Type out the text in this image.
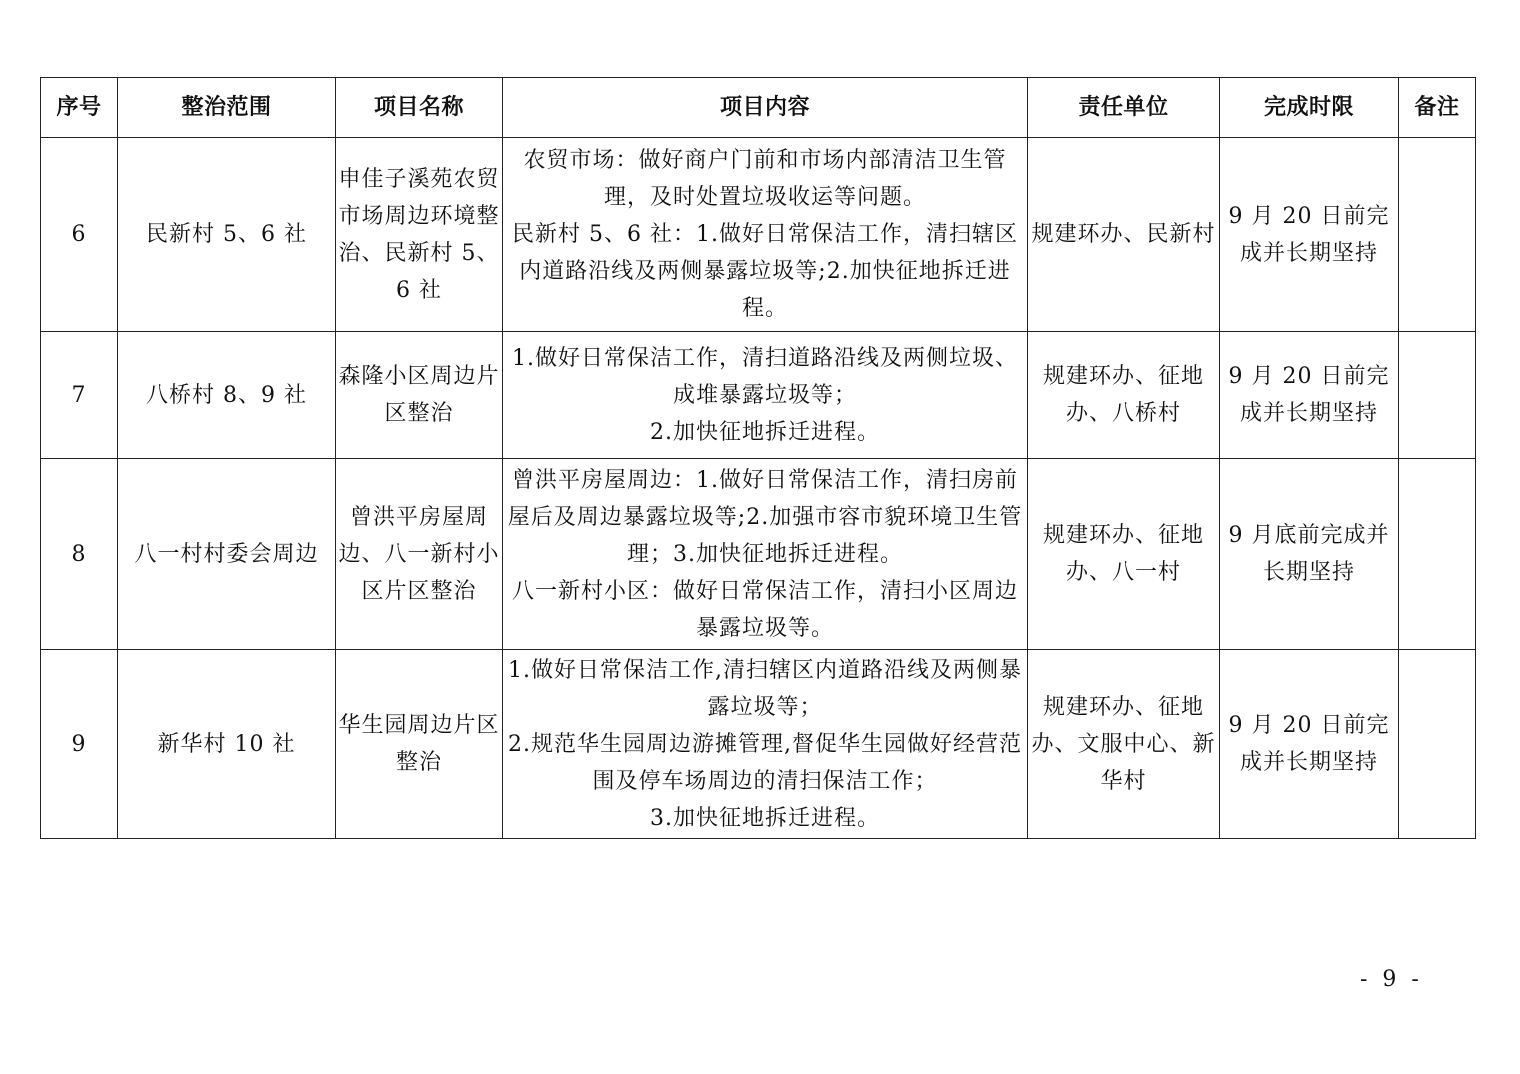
序号	整治范围	项目名称	项目内容	责任单位	完成时限	备注
6	民新村 5、6 社	申佳子溪苑农贸市场周边环境整治、民新村 5、6 社	农贸市场：做好商户门前和市场内部清洁卫生管理，及时处置垃圾收运等问题。
民新村 5、6 社：1.做好日常保洁工作，清扫辖区内道路沿线及两侧暴露垃圾等;2.加快征地拆迁进程。	规建环办、民新村	9 月 20 日前完成并长期坚持	
7	八桥村 8、9 社	森隆小区周边片区整治	1.做好日常保洁工作，清扫道路沿线及两侧垃圾、成堆暴露垃圾等；
2.加快征地拆迁进程。	规建环办、征地办、八桥村	9 月 20 日前完成并长期坚持	
8	八一村村委会周边	曾洪平房屋周边、八一新村小区片区整治	曾洪平房屋周边：1.做好日常保洁工作，清扫房前屋后及周边暴露垃圾等;2.加强市容市貌环境卫生管理；3.加快征地拆迁进程。
八一新村小区：做好日常保洁工作，清扫小区周边暴露垃圾等。	规建环办、征地办、八一村	9 月底前完成并长期坚持	
9	新华村 10 社	华生园周边片区整治	1.做好日常保洁工作,清扫辖区内道路沿线及两侧暴露垃圾等；
2.规范华生园周边游摊管理,督促华生园做好经营范围及停车场周边的清扫保洁工作；
3.加快征地拆迁进程。	规建环办、征地办、文服中心、新华村	9 月 20 日前完成并长期坚持	
- 9 -
